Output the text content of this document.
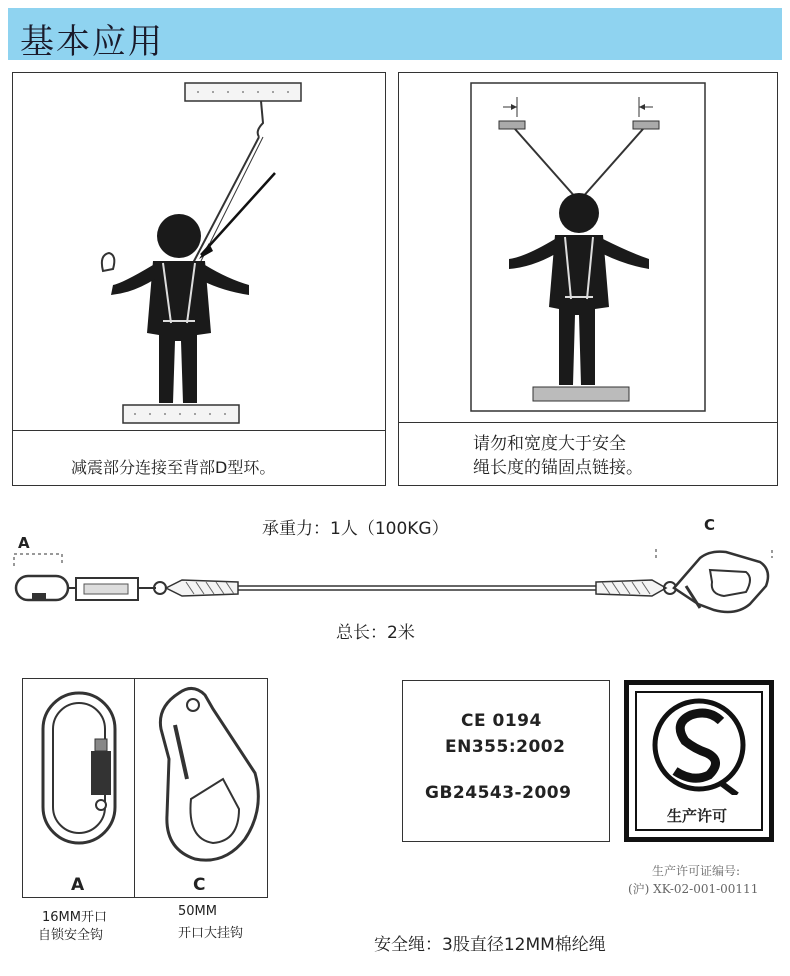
基本应用
减震部分连接至背部D型环。
请勿和宽度大于安全
绳长度的锚固点链接。
承重力：1人（100KG）
A
C
总长：2米
A	C
16MM开口
自锁安全钩
50MM
开口大挂钩
CE 0194
EN355:2002
GB24543-2009
生产许可
生产许可证编号:
(沪) XK-02-001-00111
安全绳：3股直径12MM棉纶绳
